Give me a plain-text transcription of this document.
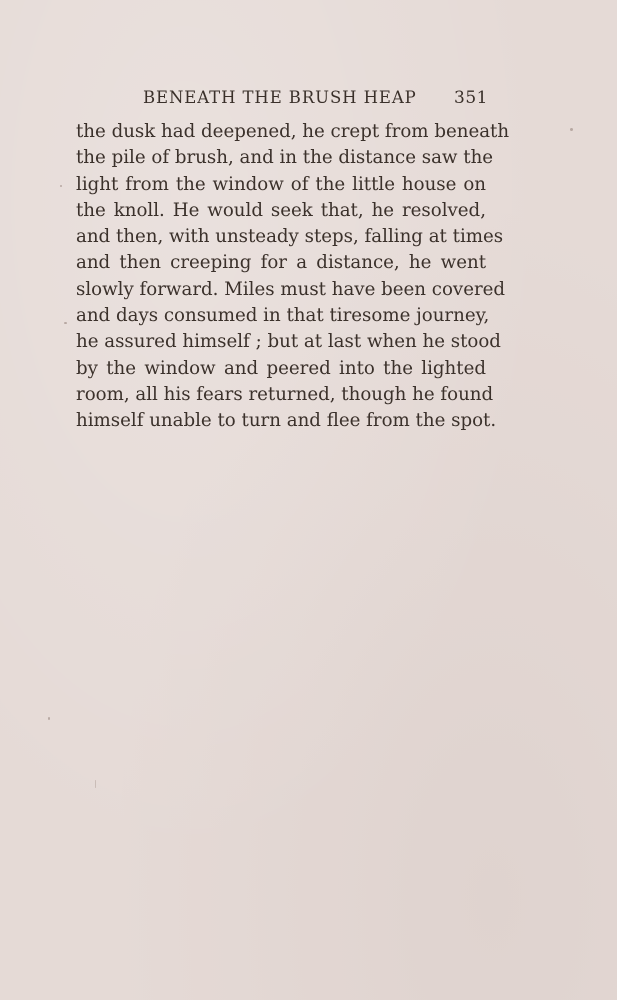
BENEATH THE BRUSH HEAP 351
the dusk had deepened, he crept from beneath
the pile of brush, and in the distance saw the
light from the window of the little house on
the knoll. He would seek that, he resolved,
and then, with unsteady steps, falling at times
and then creeping for a distance, he went
slowly forward. Miles must have been covered
and days consumed in that tiresome journey,
he assured himself ; but at last when he stood
by the window and peered into the lighted
room, all his fears returned, though he found
himself unable to turn and flee from the spot.
